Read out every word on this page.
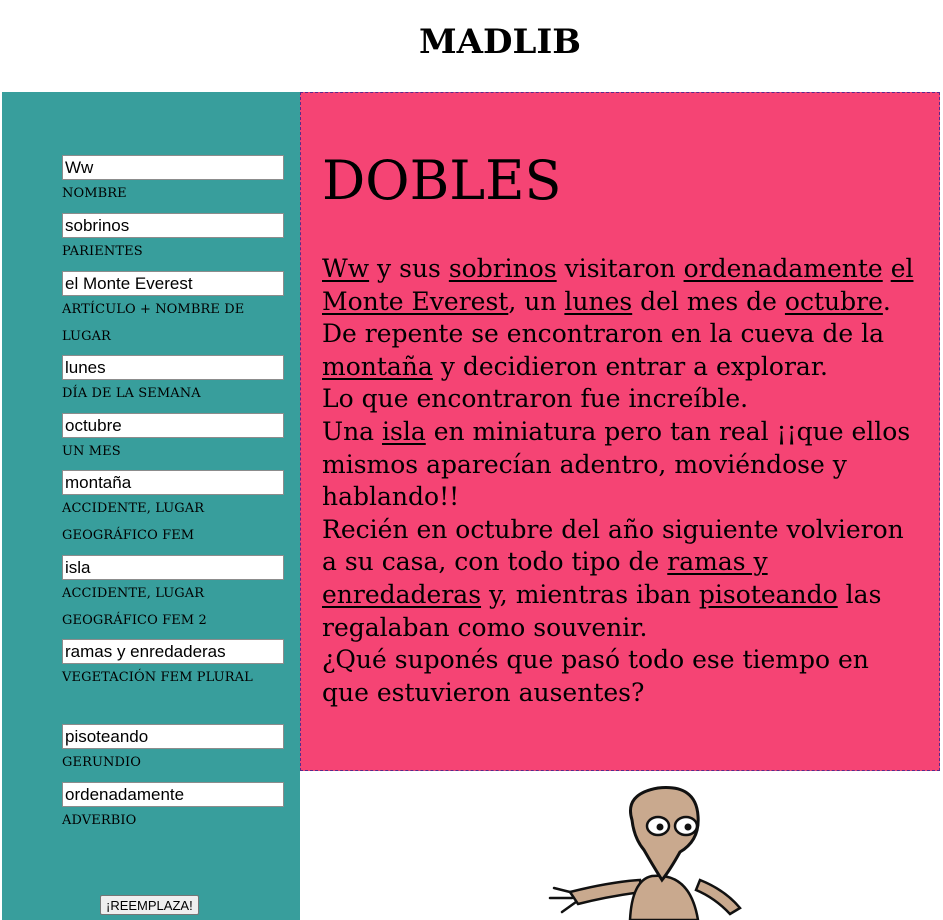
MADLIB
Ww
NOMBRE
sobrinos
PARIENTES
el Monte Everest
ARTÍCULO + NOMBRE DE LUGAR
lunes
DÍA DE LA SEMANA
octubre
UN MES
montaña
ACCIDENTE, LUGAR GEOGRÁFICO FEM
isla
ACCIDENTE, LUGAR GEOGRÁFICO FEM 2
ramas y enredaderas
VEGETACIÓN FEM PLURAL
pisoteando
GERUNDIO
ordenadamente
ADVERBIO
¡REEMPLAZA!
DOBLES
Ww y sus sobrinos visitaron ordenadamente el Monte Everest, un lunes del mes de octubre.
De repente se encontraron en la cueva de la montaña y decidieron entrar a explorar.
Lo que encontraron fue increíble.
Una isla en miniatura pero tan real ¡¡que ellos mismos aparecían adentro, moviéndose y hablando!!
Recién en octubre del año siguiente volvieron a su casa, con todo tipo de ramas y enredaderas y, mientras iban pisoteando las regalaban como souvenir.
¿Qué suponés que pasó todo ese tiempo en que estuvieron ausentes?
